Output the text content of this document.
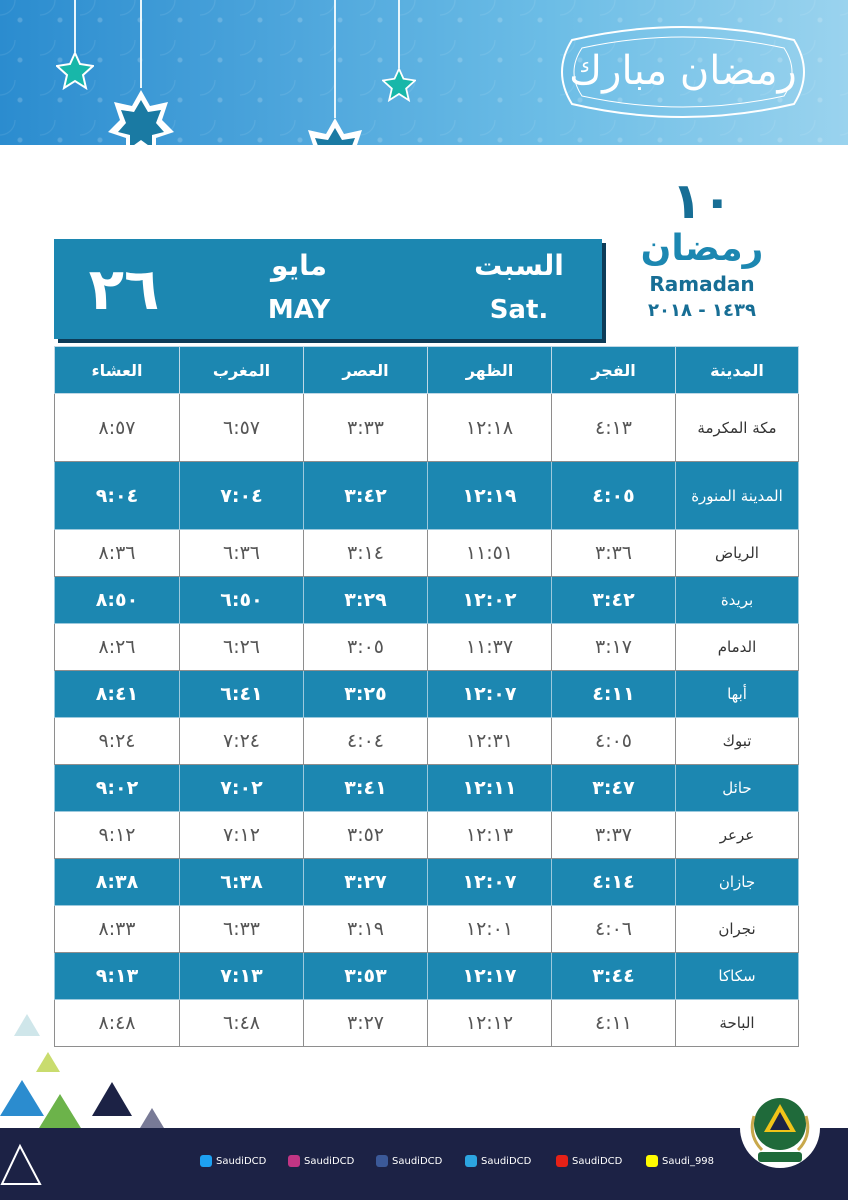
رمضان مبارك
١٠
رمضان
Ramadan
١٤٣٩ - ٢٠١٨
٢٦	مايو
MAY
السبت
Sat.
المدينة	الفجر	الظهر	العصر	المغرب	العشاء
مكة المكرمة	٤:١٣	١٢:١٨	٣:٣٣	٦:٥٧	٨:٥٧
المدينة المنورة	٤:٠٥	١٢:١٩	٣:٤٢	٧:٠٤	٩:٠٤
الرياض	٣:٣٦	١١:٥١	٣:١٤	٦:٣٦	٨:٣٦
بريدة	٣:٤٢	١٢:٠٢	٣:٢٩	٦:٥٠	٨:٥٠
الدمام	٣:١٧	١١:٣٧	٣:٠٥	٦:٢٦	٨:٢٦
أبها	٤:١١	١٢:٠٧	٣:٢٥	٦:٤١	٨:٤١
تبوك	٤:٠٥	١٢:٣١	٤:٠٤	٧:٢٤	٩:٢٤
حائل	٣:٤٧	١٢:١١	٣:٤١	٧:٠٢	٩:٠٢
عرعر	٣:٣٧	١٢:١٣	٣:٥٢	٧:١٢	٩:١٢
جازان	٤:١٤	١٢:٠٧	٣:٢٧	٦:٣٨	٨:٣٨
نجران	٤:٠٦	١٢:٠١	٣:١٩	٦:٣٣	٨:٣٣
سكاكا	٣:٤٤	١٢:١٧	٣:٥٣	٧:١٣	٩:١٣
الباحة	٤:١١	١٢:١٢	٣:٢٧	٦:٤٨	٨:٤٨
SaudiDCD	SaudiDCD	SaudiDCD	SaudiDCD	SaudiDCD	Saudi_998
